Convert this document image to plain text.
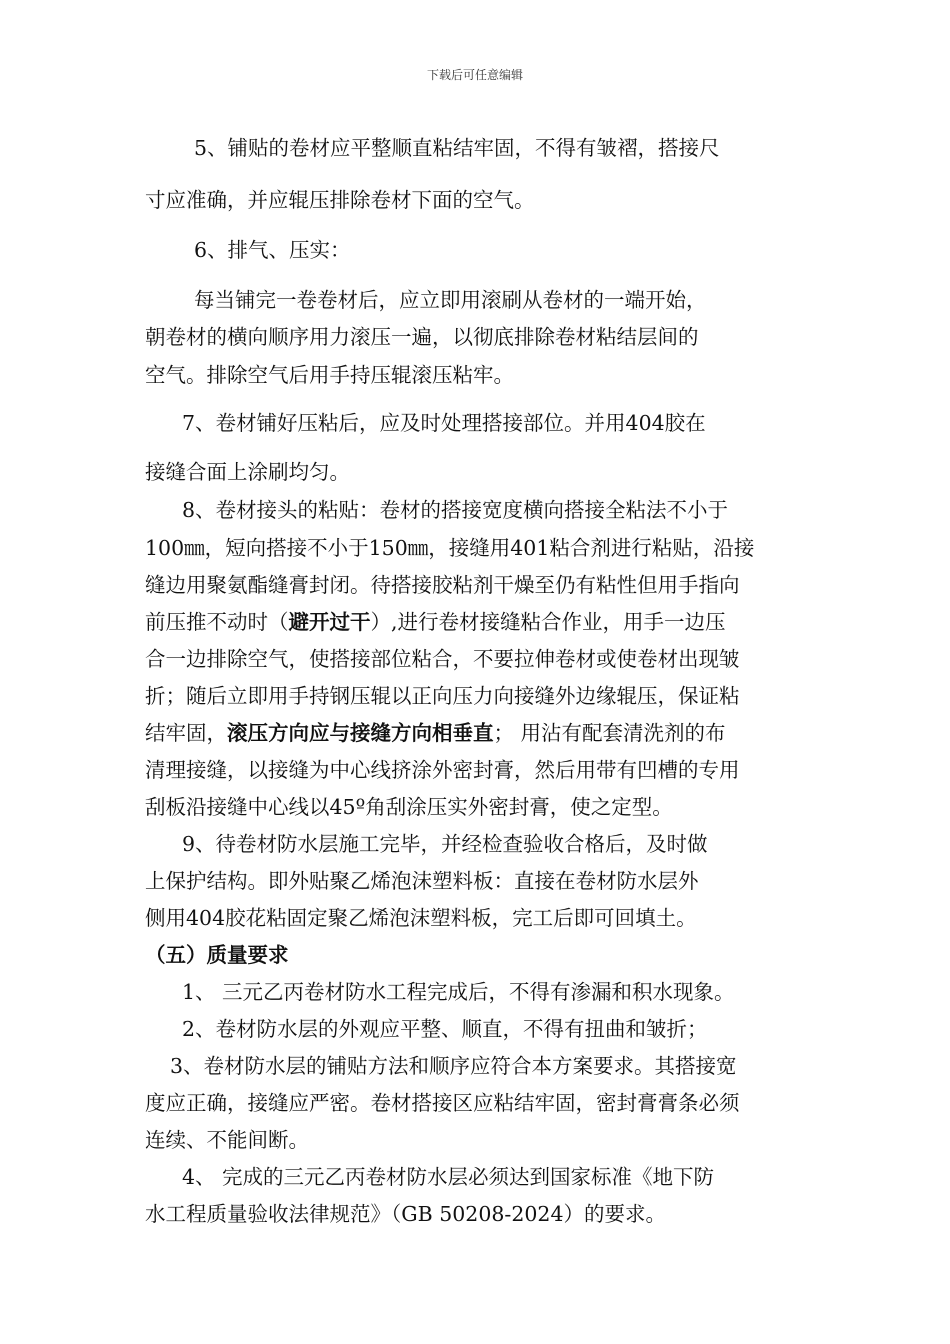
下载后可任意编辑
5、铺贴的卷材应平整顺直粘结牢固，不得有皱褶，搭接尺
寸应准确，并应辊压排除卷材下面的空气。
6、排气、压实：
每当铺完一卷卷材后，应立即用滚刷从卷材的一端开始，
朝卷材的横向顺序用力滚压一遍，以彻底排除卷材粘结层间的
空气。排除空气后用手持压辊滚压粘牢。
7、卷材铺好压粘后，应及时处理搭接部位。并用404胶在
接缝合面上涂刷均匀。
8、卷材接头的粘贴：卷材的搭接宽度横向搭接全粘法不小于
100㎜，短向搭接不小于150㎜，接缝用401粘合剂进行粘贴，沿接
缝边用聚氨酯缝膏封闭。待搭接胶粘剂干燥至仍有粘性但用手指向
前压推不动时（避开过干）,进行卷材接缝粘合作业，用手一边压
合一边排除空气，使搭接部位粘合，不要拉伸卷材或使卷材出现皱
折；随后立即用手持钢压辊以正向压力向接缝外边缘辊压，保证粘
结牢固，滚压方向应与接缝方向相垂直； 用沾有配套清洗剂的布
清理接缝，以接缝为中心线挤涂外密封膏，然后用带有凹槽的专用
刮板沿接缝中心线以45º角刮涂压实外密封膏，使之定型。
9、待卷材防水层施工完毕，并经检查验收合格后，及时做
上保护结构。即外贴聚乙烯泡沫塑料板：直接在卷材防水层外
侧用404胶花粘固定聚乙烯泡沫塑料板，完工后即可回填土。
（五）质量要求
1、 三元乙丙卷材防水工程完成后，不得有渗漏和积水现象。
2、卷材防水层的外观应平整、顺直，不得有扭曲和皱折；
3、卷材防水层的铺贴方法和顺序应符合本方案要求。其搭接宽
度应正确，接缝应严密。卷材搭接区应粘结牢固，密封膏膏条必须
连续、不能间断。
4、 完成的三元乙丙卷材防水层必须达到国家标准《地下防
水工程质量验收法律规范》（GB 50208-2024）的要求。
